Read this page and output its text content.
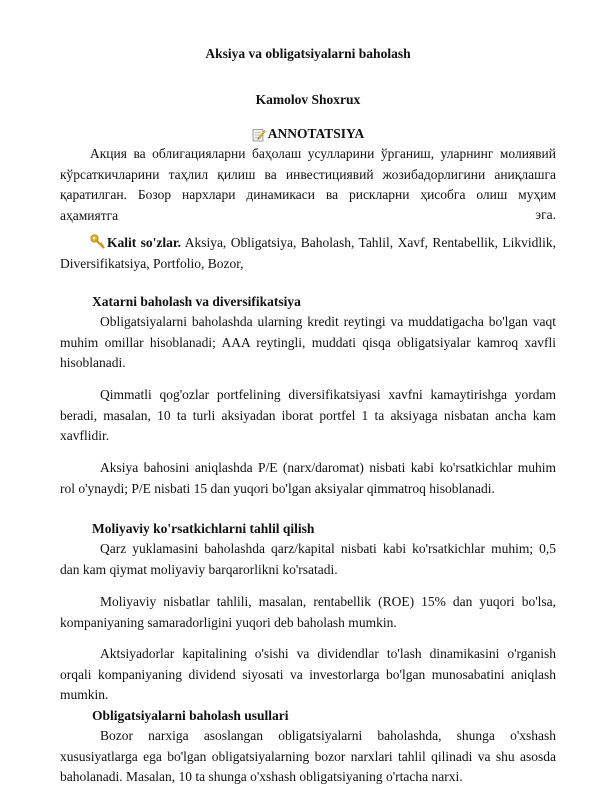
Aksiya va obligatsiyalarni baholash
Kamolov Shoxrux
ANNOTATSIYA
Акция ва облигацияларни баҳолаш усулларини ўрганиш, уларнинг молиявий кўрсаткичларини таҳлил қилиш ва инвестициявий жозибадорлигини аниқлашга қаратилган. Бозор нархлари динамикаси ва рискларни ҳисобга олиш муҳим аҳамиятга	эга.
Kalit so'zlar. Aksiya, Obligatsiya, Baholash, Tahlil, Xavf, Rentabellik, Likvidlik, Diversifikatsiya, Portfolio, Bozor,
Xatarni baholash va diversifikatsiya
Obligatsiyalarni baholashda ularning kredit reytingi va muddatigacha bo'lgan vaqt muhim omillar hisoblanadi; AAA reytingli, muddati qisqa obligatsiyalar kamroq xavfli hisoblanadi.
Qimmatli qog'ozlar portfelining diversifikatsiyasi xavfni kamaytirishga yordam beradi, masalan, 10 ta turli aksiyadan iborat portfel 1 ta aksiyaga nisbatan ancha kam xavflidir.
Aksiya bahosini aniqlashda P/E (narx/daromat) nisbati kabi ko'rsatkichlar muhim rol o'ynaydi; P/E nisbati 15 dan yuqori bo'lgan aksiyalar qimmatroq hisoblanadi.
Moliyaviy ko'rsatkichlarni tahlil qilish
Qarz yuklamasini baholashda qarz/kapital nisbati kabi ko'rsatkichlar muhim; 0,5 dan kam qiymat moliyaviy barqarorlikni ko'rsatadi.
Moliyaviy nisbatlar tahlili, masalan, rentabellik (ROE) 15% dan yuqori bo'lsa, kompaniyaning samaradorligini yuqori deb baholash mumkin.
Aktsiyadorlar kapitalining o'sishi va dividendlar to'lash dinamikasini o'rganish orqali kompaniyaning dividend siyosati va investorlarga bo'lgan munosabatini aniqlash mumkin.
Obligatsiyalarni baholash usullari
Bozor narxiga asoslangan obligatsiyalarni baholashda, shunga o'xshash xususiyatlarga ega bo'lgan obligatsiyalarning bozor narxlari tahlil qilinadi va shu asosda baholanadi. Masalan, 10 ta shunga o'xshash obligatsiyaning o'rtacha narxi.
